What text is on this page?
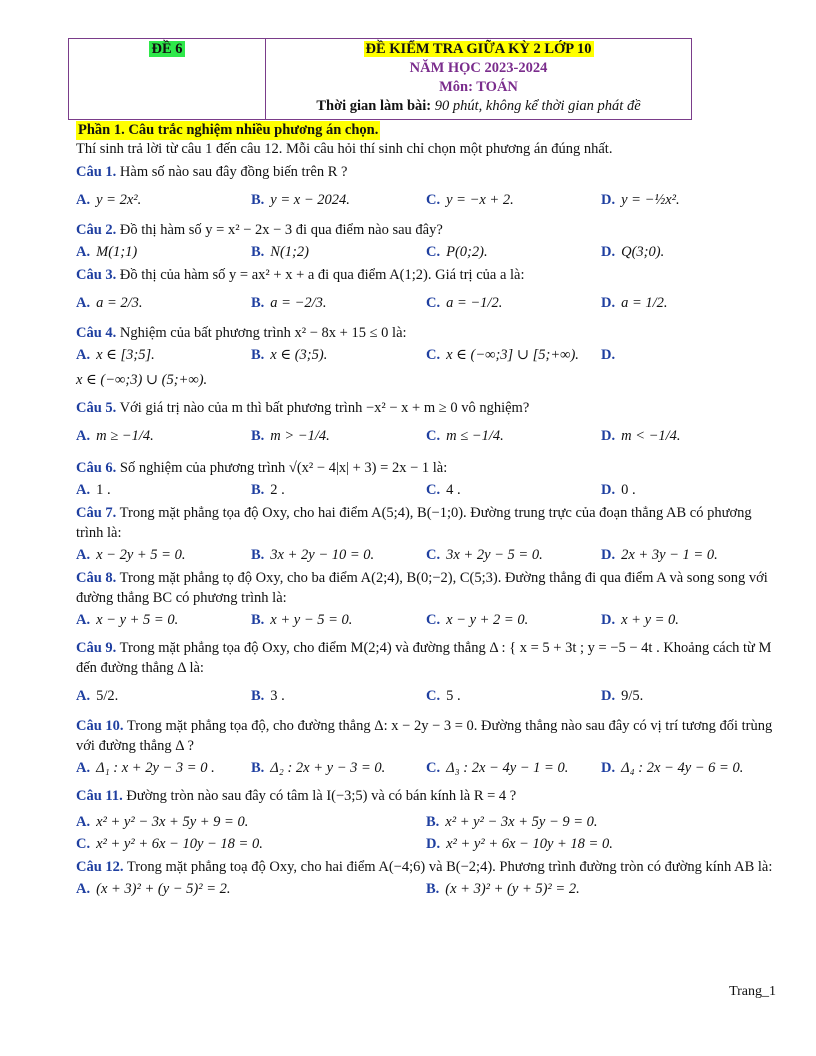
ĐỀ 6	ĐỀ KIỂM TRA GIỮA KỲ 2 LỚP 10
NĂM HỌC 2023-2024
Môn: TOÁN
Thời gian làm bài: 90 phút, không kể thời gian phát đề
Phần 1. Câu trắc nghiệm nhiều phương án chọn.
Thí sinh trả lời từ câu 1 đến câu 12. Mỗi câu hỏi thí sinh chỉ chọn một phương án đúng nhất.
Câu 1. Hàm số nào sau đây đồng biến trên R ?
A. y = 2x².	B. y = x − 2024.	C. y = −x + 2.	D. y = −½x².
Câu 2. Đồ thị hàm số y = x² − 2x − 3 đi qua điểm nào sau đây?
A. M(1;1)	B. N(1;2)	C. P(0;2).	D. Q(3;0).
Câu 3. Đồ thị của hàm số y = ax² + x + a đi qua điểm A(1;2). Giá trị của a là:
A. a = 2/3.	B. a = −2/3.	C. a = −1/2.	D. a = 1/2.
Câu 4. Nghiệm của bất phương trình x² − 8x + 15 ≤ 0 là:
A. x ∈ [3;5].	B. x ∈ (3;5).	C. x ∈ (−∞;3] ∪ [5;+∞).	D.
x ∈ (−∞;3) ∪ (5;+∞).
Câu 5. Với giá trị nào của m thì bất phương trình −x² − x + m ≥ 0 vô nghiệm?
A. m ≥ −1/4.	B. m > −1/4.	C. m ≤ −1/4.	D. m < −1/4.
Câu 6. Số nghiệm của phương trình √(x² − 4|x| + 3) = 2x − 1 là:
A. 1 .	B. 2 .	C. 4 .	D. 0 .
Câu 7. Trong mặt phẳng tọa độ Oxy, cho hai điểm A(5;4), B(−1;0). Đường trung trực của đoạn thẳng AB có phương trình là:
A. x − 2y + 5 = 0.	B. 3x + 2y − 10 = 0.	C. 3x + 2y − 5 = 0.	D. 2x + 3y − 1 = 0.
Câu 8. Trong mặt phẳng tọ độ Oxy, cho ba điểm A(2;4), B(0;−2), C(5;3). Đường thẳng đi qua điểm A và song song với đường thẳng BC có phương trình là:
A. x − y + 5 = 0.	B. x + y − 5 = 0.	C. x − y + 2 = 0.	D. x + y = 0.
Câu 9. Trong mặt phẳng tọa độ Oxy, cho điểm M(2;4) và đường thẳng Δ : { x = 5 + 3t ; y = −5 − 4t . Khoảng cách từ M đến đường thẳng Δ là:
A. 5/2.	B. 3 .	C. 5 .	D. 9/5.
Câu 10. Trong mặt phẳng tọa độ, cho đường thẳng Δ: x − 2y − 3 = 0. Đường thẳng nào sau đây có vị trí tương đối trùng với đường thẳng Δ ?
A. Δ₁ : x + 2y − 3 = 0 .	B. Δ₂ : 2x + y − 3 = 0.	C. Δ₃ : 2x − 4y − 1 = 0.	D. Δ₄ : 2x − 4y − 6 = 0.
Câu 11. Đường tròn nào sau đây có tâm là I(−3;5) và có bán kính là R = 4 ?
A. x² + y² − 3x + 5y + 9 = 0.	B. x² + y² − 3x + 5y − 9 = 0.
C. x² + y² + 6x − 10y − 18 = 0.	D. x² + y² + 6x − 10y + 18 = 0.
Câu 12. Trong mặt phẳng toạ độ Oxy, cho hai điểm A(−4;6) và B(−2;4). Phương trình đường tròn có đường kính AB là:
A. (x + 3)² + (y − 5)² = 2.	B. (x + 3)² + (y + 5)² = 2.
Trang_1
